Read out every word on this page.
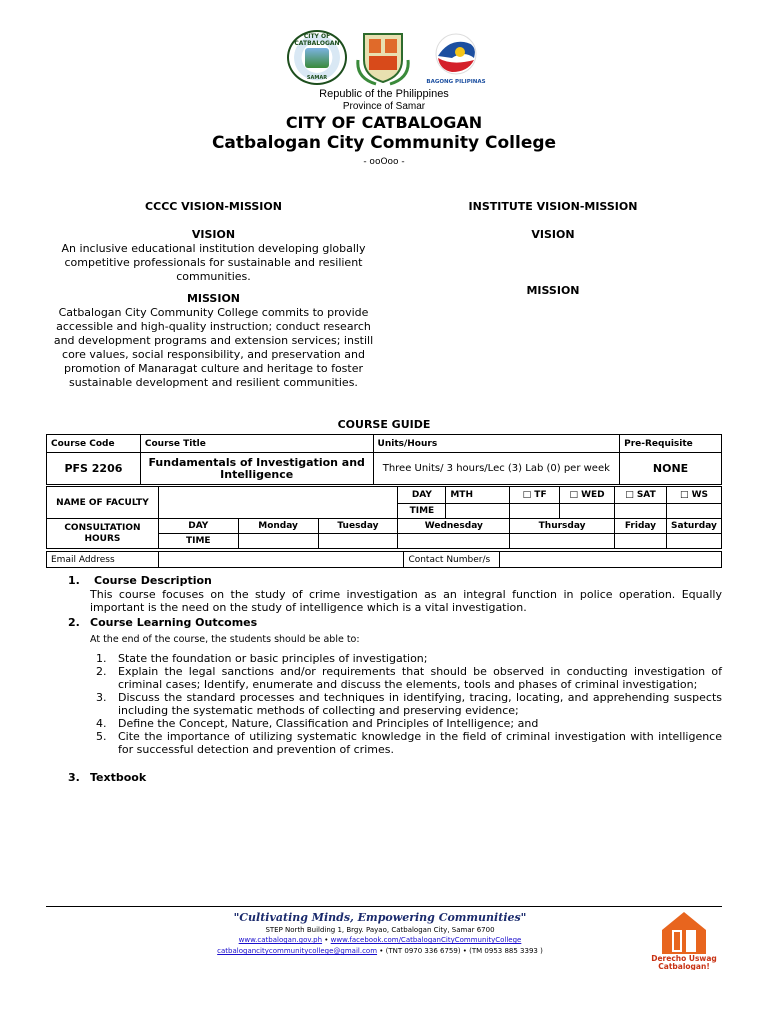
CITY OF CATBALOGAN
SAMAR
BAGONG PILIPINAS
Republic of the Philippines
Province of Samar
CITY OF CATBALOGAN
Catbalogan City Community College
- ooOoo -
CCCC VISION-MISSION
VISION
An inclusive educational institution developing globally competitive professionals for sustainable and resilient communities.
MISSION
Catbalogan City Community College commits to provide accessible and high-quality instruction; conduct research and development programs and extension services; instill core values, social responsibility, and preservation and promotion of Manaragat culture and heritage to foster sustainable development and resilient communities.
INSTITUTE VISION-MISSION
VISION
MISSION
COURSE GUIDE
Course Code	Course Title	Units/Hours	Pre-Requisite
PFS 2206	Fundamentals of Investigation and Intelligence	Three Units/ 3 hours/Lec (3) Lab (0) per week	NONE
NAME OF FACULTY				DAY	MTH	□ TF	□ WED	□ SAT	□ WS
				TIME					
CONSULTATION HOURS	DAY	Monday	Tuesday	Wednesday		Thursday		Friday	Saturday
	TIME								
Email Address		Contact Number/s	
1. Course Description
This course focuses on the study of crime investigation as an integral function in police operation. Equally important is the need on the study of intelligence which is a vital investigation.
2. Course Learning Outcomes
At the end of the course, the students should be able to:
1. State the foundation or basic principles of investigation;
2. Explain the legal sanctions and/or requirements that should be observed in conducting investigation of criminal cases; Identify, enumerate and discuss the elements, tools and phases of criminal investigation;
3. Discuss the standard processes and techniques in identifying, tracing, locating, and apprehending suspects including the systematic methods of collecting and preserving evidence;
4. Define the Concept, Nature, Classification and Principles of Intelligence; and
5. Cite the importance of utilizing systematic knowledge in the field of criminal investigation with intelligence for successful detection and prevention of crimes.
3. Textbook
"Cultivating Minds, Empowering Communities"
STEP North Building 1, Brgy. Payao, Catbalogan City, Samar 6700
www.catbalogan.gov.ph • www.facebook.com/CatbaloganCityCommunityCollege
catbalogancitycommunitycollege@gmail.com • (TNT 0970 336 6759) • (TM 0953 885 3393 )
Derecho Uswag
Catbalogan!
